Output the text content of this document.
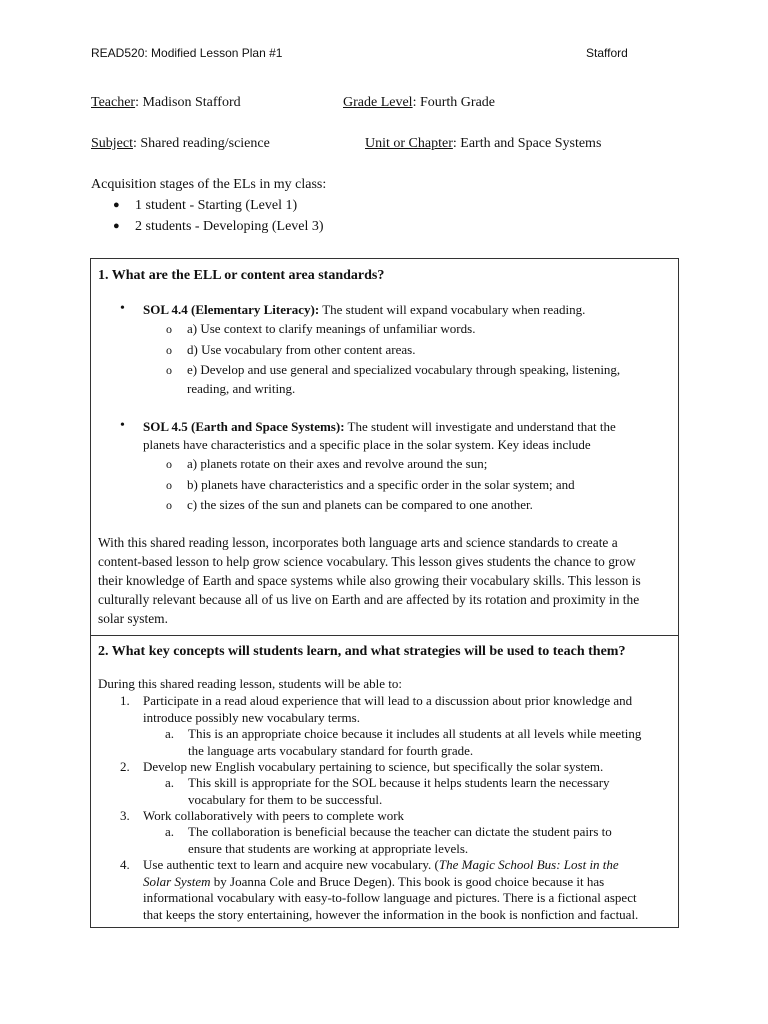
READ520: Modified Lesson Plan #1	Stafford
Teacher: Madison Stafford	Grade Level: Fourth Grade
Subject: Shared reading/science	Unit or Chapter: Earth and Space Systems
Acquisition stages of the ELs in my class:
● 1 student - Starting (Level 1)
● 2 students - Developing (Level 3)
1. What are the ELL or content area standards?
• SOL 4.4 (Elementary Literacy): The student will expand vocabulary when reading.
o a) Use context to clarify meanings of unfamiliar words.
o d) Use vocabulary from other content areas.
o e) Develop and use general and specialized vocabulary through speaking, listening,
reading, and writing.
• SOL 4.5 (Earth and Space Systems): The student will investigate and understand that the
planets have characteristics and a specific place in the solar system. Key ideas include
o a) planets rotate on their axes and revolve around the sun;
o b) planets have characteristics and a specific order in the solar system; and
o c) the sizes of the sun and planets can be compared to one another.
With this shared reading lesson, incorporates both language arts and science standards to create a
content-based lesson to help grow science vocabulary. This lesson gives students the chance to grow
their knowledge of Earth and space systems while also growing their vocabulary skills. This lesson is
culturally relevant because all of us live on Earth and are affected by its rotation and proximity in the
solar system.
2. What key concepts will students learn, and what strategies will be used to teach them?
During this shared reading lesson, students will be able to:
1. Participate in a read aloud experience that will lead to a discussion about prior knowledge and
introduce possibly new vocabulary terms.
a. This is an appropriate choice because it includes all students at all levels while meeting
the language arts vocabulary standard for fourth grade.
2. Develop new English vocabulary pertaining to science, but specifically the solar system.
a. This skill is appropriate for the SOL because it helps students learn the necessary
vocabulary for them to be successful.
3. Work collaboratively with peers to complete work
a. The collaboration is beneficial because the teacher can dictate the student pairs to
ensure that students are working at appropriate levels.
4. Use authentic text to learn and acquire new vocabulary. (The Magic School Bus: Lost in the
Solar System by Joanna Cole and Bruce Degen). This book is good choice because it has
informational vocabulary with easy-to-follow language and pictures. There is a fictional aspect
that keeps the story entertaining, however the information in the book is nonfiction and factual.
